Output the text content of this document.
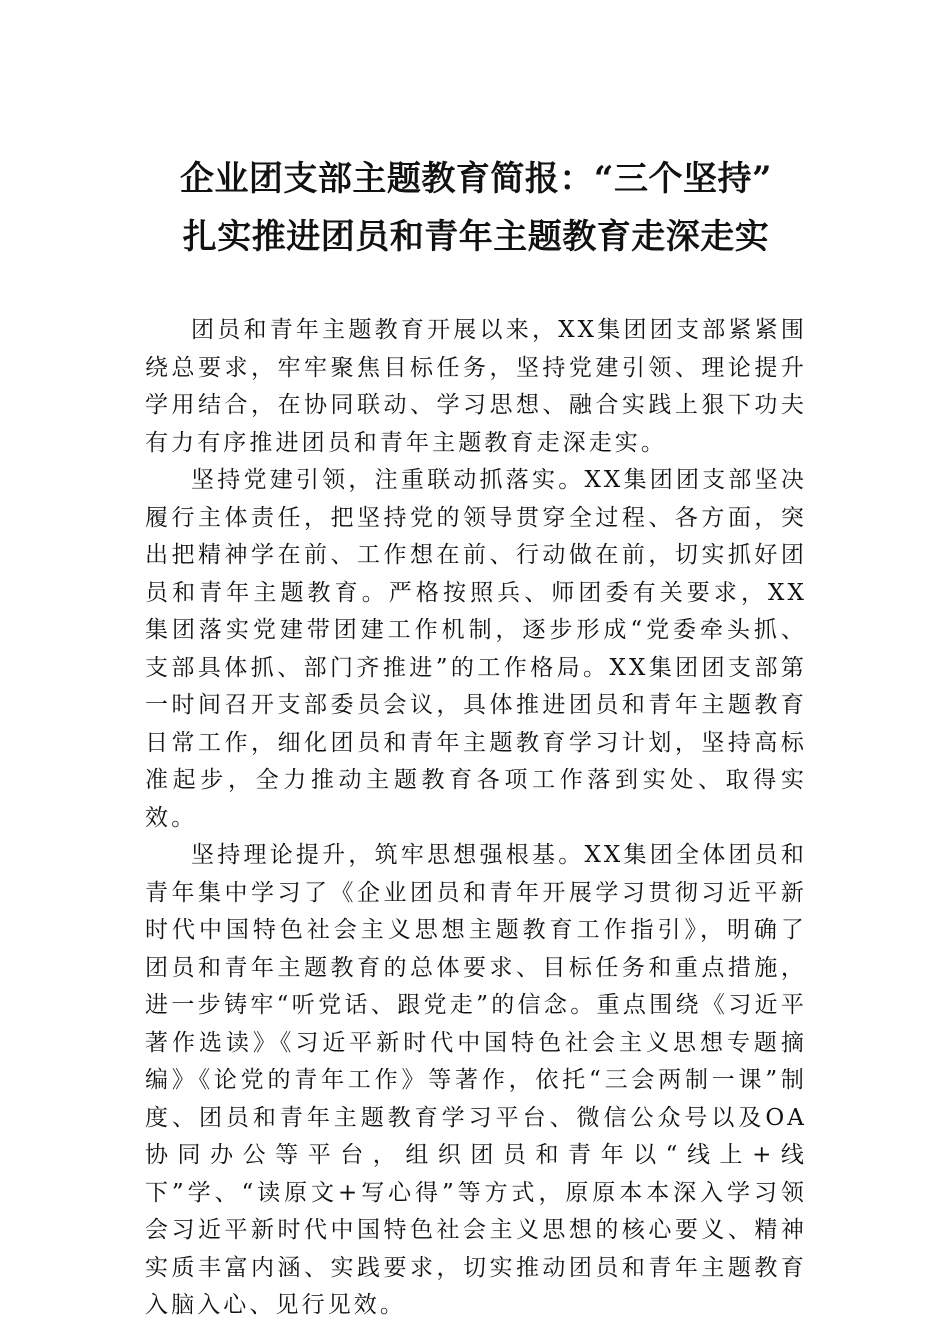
企业团支部主题教育简报：“三个坚持”
扎实推进团员和青年主题教育走深走实

团员和青年主题教育开展以来，XX集团团支部紧紧围绕总要求，牢牢聚焦目标任务，坚持党建引领、理论提升学用结合，在协同联动、学习思想、融合实践上狠下功夫有力有序推进团员和青年主题教育走深走实。

坚持党建引领，注重联动抓落实。XX集团团支部坚决履行主体责任，把坚持党的领导贯穿全过程、各方面，突出把精神学在前、工作想在前、行动做在前，切实抓好团员和青年主题教育。严格按照兵、师团委有关要求，XX集团落实党建带团建工作机制，逐步形成“党委牵头抓、支部具体抓、部门齐推进”的工作格局。XX集团团支部第一时间召开支部委员会议，具体推进团员和青年主题教育日常工作，细化团员和青年主题教育学习计划，坚持高标准起步，全力推动主题教育各项工作落到实处、取得实效。

坚持理论提升，筑牢思想强根基。XX集团全体团员和青年集中学习了《企业团员和青年开展学习贯彻习近平新时代中国特色社会主义思想主题教育工作指引》，明确了团员和青年主题教育的总体要求、目标任务和重点措施，进一步铸牢“听党话、跟党走”的信念。重点围绕《习近平著作选读》《习近平新时代中国特色社会主义思想专题摘编》《论党的青年工作》等著作，依托“三会两制一课”制度、团员和青年主题教育学习平台、微信公众号以及OA协同办公等平台，组织团员和青年以“线上+线下”学、“读原文+写心得”等方式，原原本本深入学习领会习近平新时代中国特色社会主义思想的核心要义、精神实质丰富内涵、实践要求，切实推动团员和青年主题教育入脑入心、见行见效。
